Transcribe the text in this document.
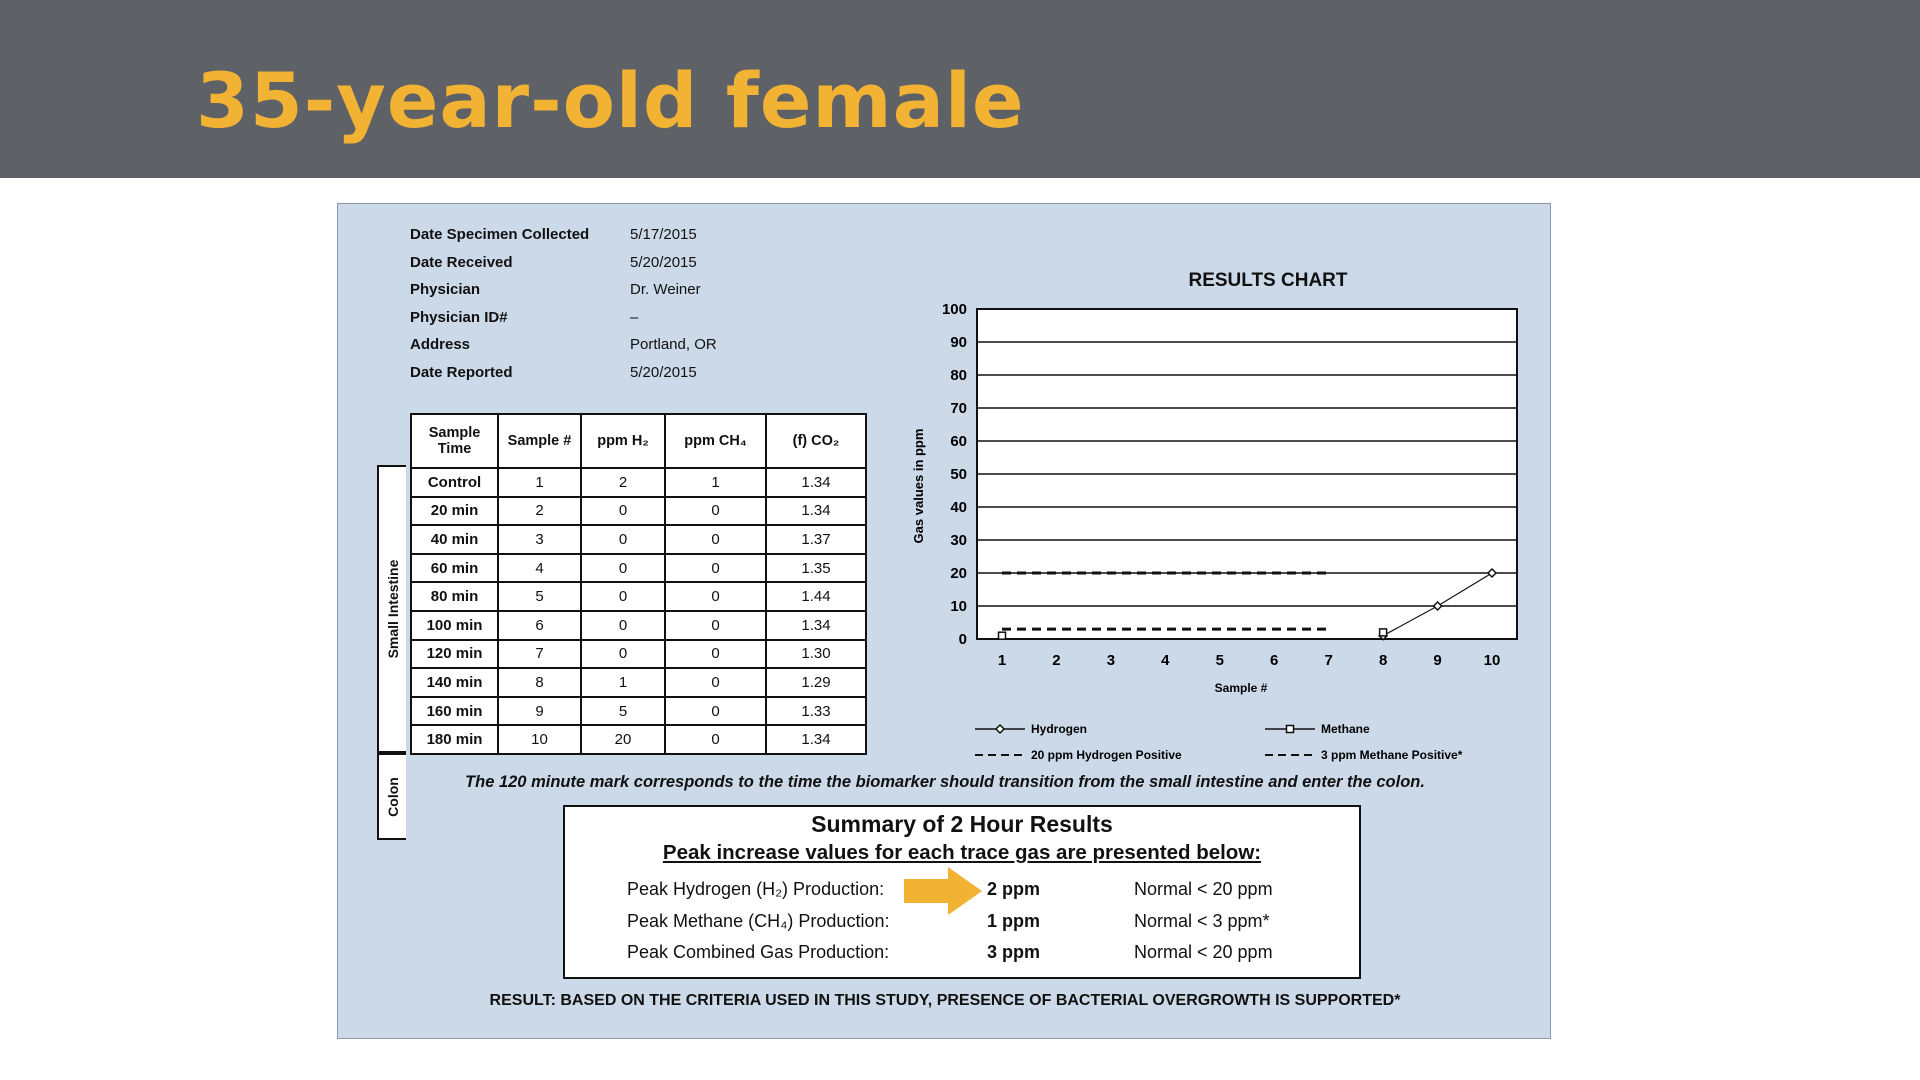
35-year-old female
Date Specimen Collected	5/17/2015
Date Received	5/20/2015
Physician	Dr. Weiner
Physician ID#	–
Address	Portland, OR
Date Reported	5/20/2015
Small Intestine
Colon
Sample Time	Sample #	ppm H₂	ppm CH₄	(f) CO₂
Control	1	2	1	1.34
20 min	2	0	0	1.34
40 min	3	0	0	1.37
60 min	4	0	0	1.35
80 min	5	0	0	1.44
100 min	6	0	0	1.34
120 min	7	0	0	1.30
140 min	8	1	0	1.29
160 min	9	5	0	1.33
180 min	10	20	0	1.34
RESULTS CHART
0
10
20
30
40
50
60
70
80
90
100
1	2	3	4	5	6	7	8	9	10
Sample #
Gas values in ppm
Hydrogen	Methane
20 ppm Hydrogen Positive	3 ppm Methane Positive*
The 120 minute mark corresponds to the time the biomarker should transition from the small intestine and enter the colon.
Summary of 2 Hour Results
Peak increase values for each trace gas are presented below:
Peak Hydrogen (H₂) Production:	2 ppm	Normal < 20 ppm
Peak Methane (CH₄) Production:	1 ppm	Normal < 3 ppm*
Peak Combined Gas Production:	3 ppm	Normal < 20 ppm
RESULT: BASED ON THE CRITERIA USED IN THIS STUDY, PRESENCE OF BACTERIAL OVERGROWTH IS SUPPORTED*
